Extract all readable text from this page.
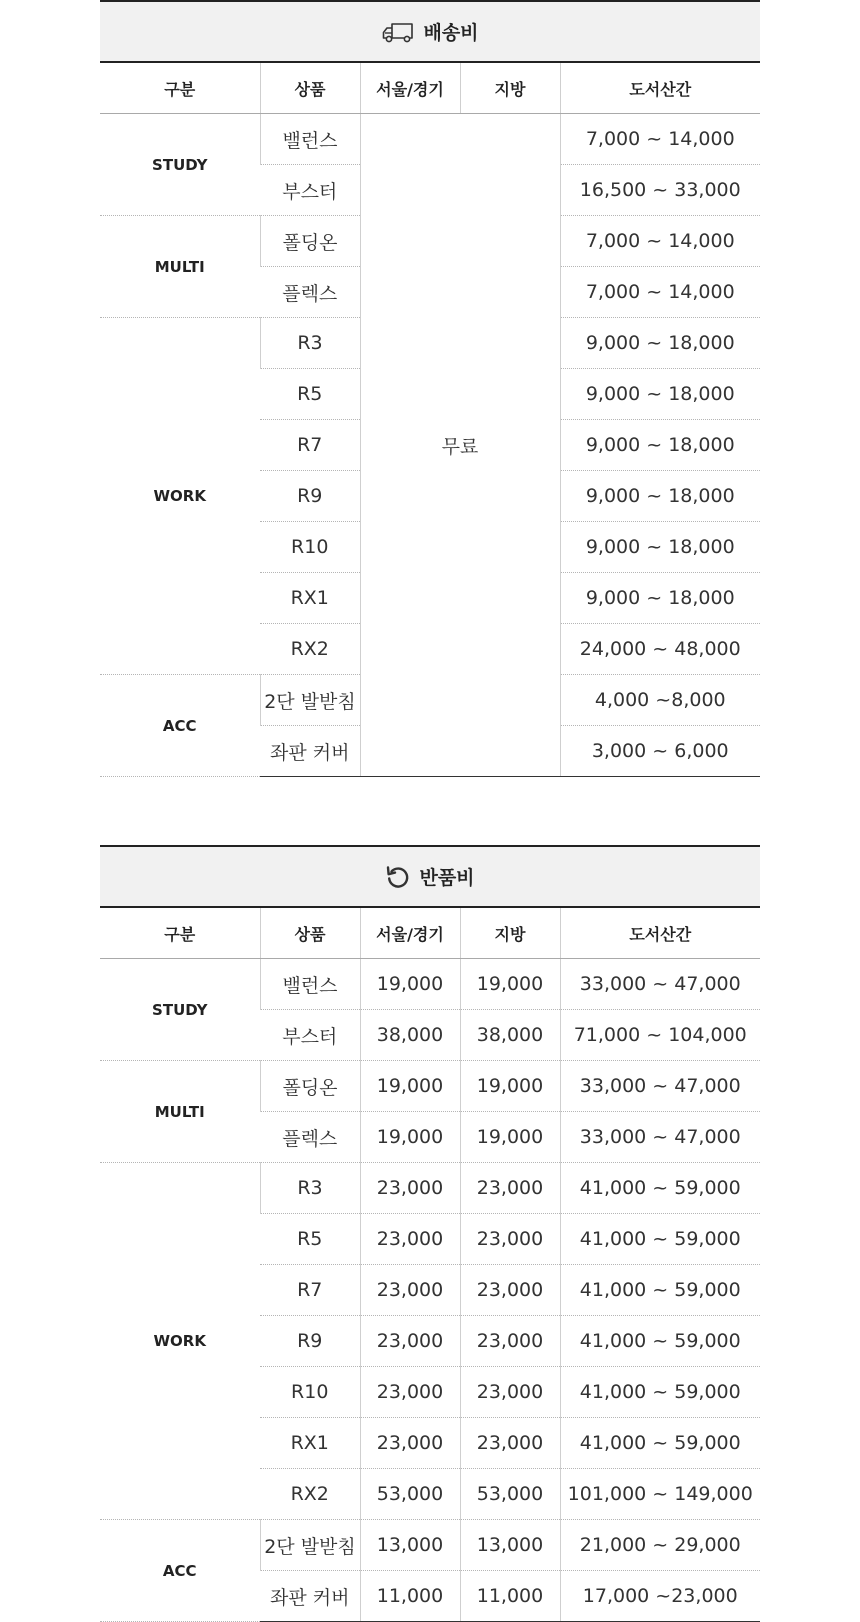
배송비
구분	상품	서울/경기	지방	도서산간
STUDY	밸런스	무료		7,000 ~ 14,000
	부스터			16,500 ~ 33,000
MULTI	폴딩온			7,000 ~ 14,000
	플렉스			7,000 ~ 14,000
WORK	R3			9,000 ~ 18,000
	R5			9,000 ~ 18,000
	R7			9,000 ~ 18,000
	R9			9,000 ~ 18,000
	R10			9,000 ~ 18,000
	RX1			9,000 ~ 18,000
	RX2			24,000 ~ 48,000
ACC	2단 발받침			4,000 ~8,000
	좌판 커버			3,000 ~ 6,000
반품비
구분	상품	서울/경기	지방	도서산간
STUDY	밸런스	19,000	19,000	33,000 ~ 47,000
	부스터	38,000	38,000	71,000 ~ 104,000
MULTI	폴딩온	19,000	19,000	33,000 ~ 47,000
	플렉스	19,000	19,000	33,000 ~ 47,000
WORK	R3	23,000	23,000	41,000 ~ 59,000
	R5	23,000	23,000	41,000 ~ 59,000
	R7	23,000	23,000	41,000 ~ 59,000
	R9	23,000	23,000	41,000 ~ 59,000
	R10	23,000	23,000	41,000 ~ 59,000
	RX1	23,000	23,000	41,000 ~ 59,000
	RX2	53,000	53,000	101,000 ~ 149,000
ACC	2단 발받침	13,000	13,000	21,000 ~ 29,000
	좌판 커버	11,000	11,000	17,000 ~23,000
